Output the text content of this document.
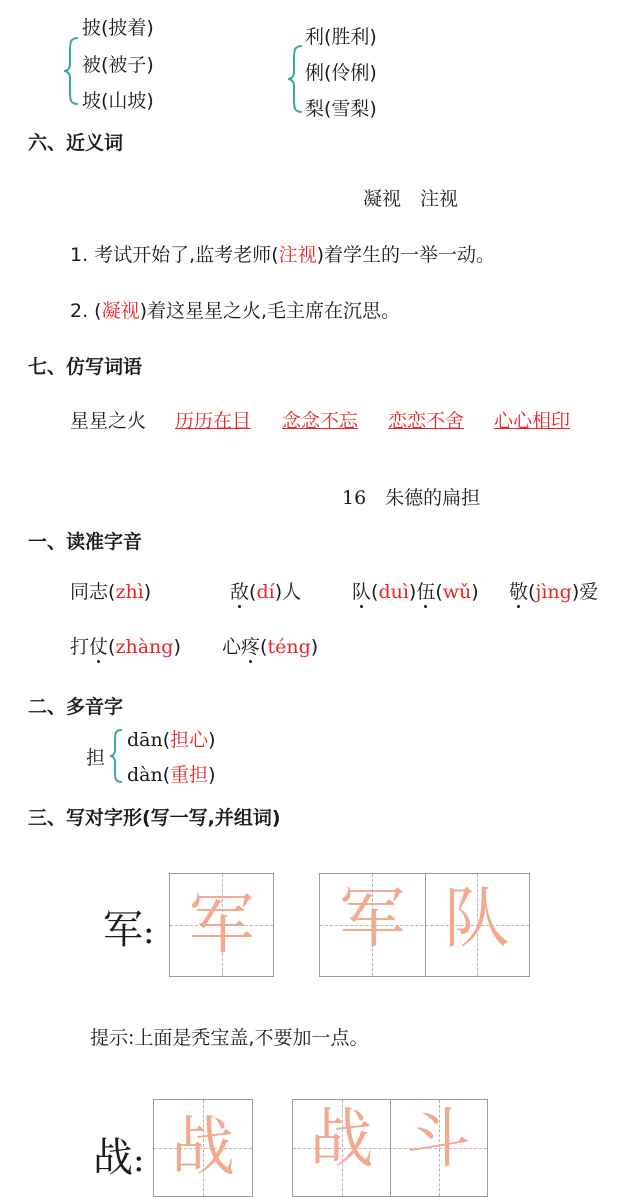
披(披着)
被(被子)
坡(山坡)
利(胜利)
俐(伶俐)
梨(雪梨)
六、近义词
凝视　注视
1. 考试开始了,监考老师(注视)着学生的一举一动。
2. (凝视)着这星星之火,毛主席在沉思。
七、仿写词语
星星之火 历历在目 念念不忘 恋恋不舍 心心相印
16　朱德的扁担
一、读准字音
同志(zhì)	敌(dí)人	队(duì)伍(wǔ) 敬(jìng)爱
打仗(zhàng) 心疼(téng)
二、多音字
担
dān(担心)
dàn(重担)
三、写对字形(写一写,并组词)
军: 军 军 队
提示:上面是秃宝盖,不要加一点。
战: 战 战 斗
